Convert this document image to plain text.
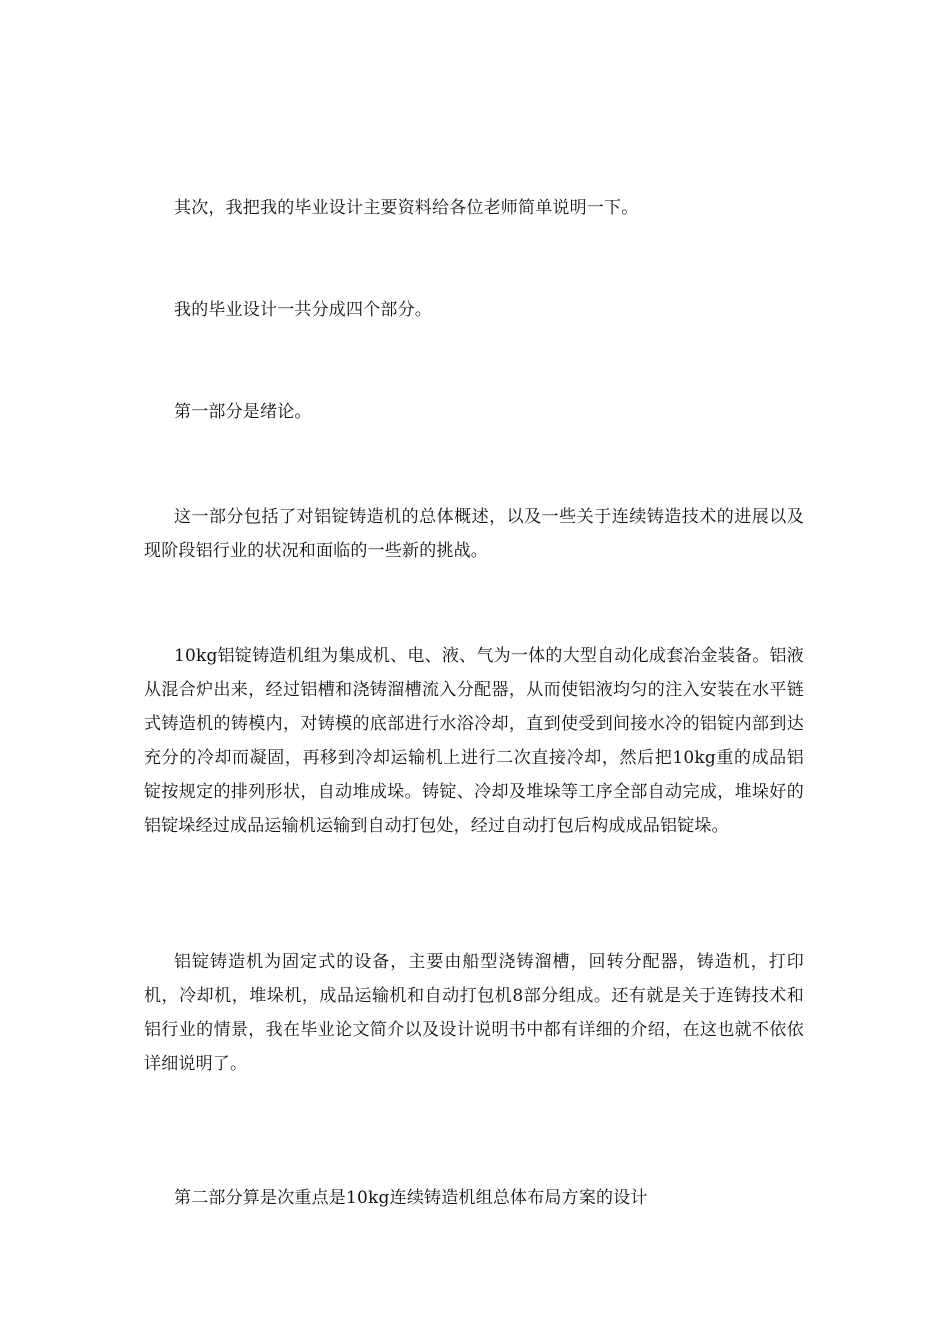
其次，我把我的毕业设计主要资料给各位老师简单说明一下。

我的毕业设计一共分成四个部分。

第一部分是绪论。

这一部分包括了对铝锭铸造机的总体概述，以及一些关于连续铸造技术的进展以及现阶段铝行业的状况和面临的一些新的挑战。

10kg铝锭铸造机组为集成机、电、液、气为一体的大型自动化成套冶金装备。铝液从混合炉出来，经过铝槽和浇铸溜槽流入分配器，从而使铝液均匀的注入安装在水平链式铸造机的铸模内，对铸模的底部进行水浴冷却，直到使受到间接水冷的铝锭内部到达充分的冷却而凝固，再移到冷却运输机上进行二次直接冷却，然后把10kg重的成品铝锭按规定的排列形状，自动堆成垛。铸锭、冷却及堆垛等工序全部自动完成，堆垛好的铝锭垛经过成品运输机运输到自动打包处，经过自动打包后构成成品铝锭垛。

铝锭铸造机为固定式的设备，主要由船型浇铸溜槽，回转分配器，铸造机，打印机，冷却机，堆垛机，成品运输机和自动打包机8部分组成。还有就是关于连铸技术和铝行业的情景，我在毕业论文简介以及设计说明书中都有详细的介绍，在这也就不依依详细说明了。

第二部分算是次重点是10kg连续铸造机组总体布局方案的设计
